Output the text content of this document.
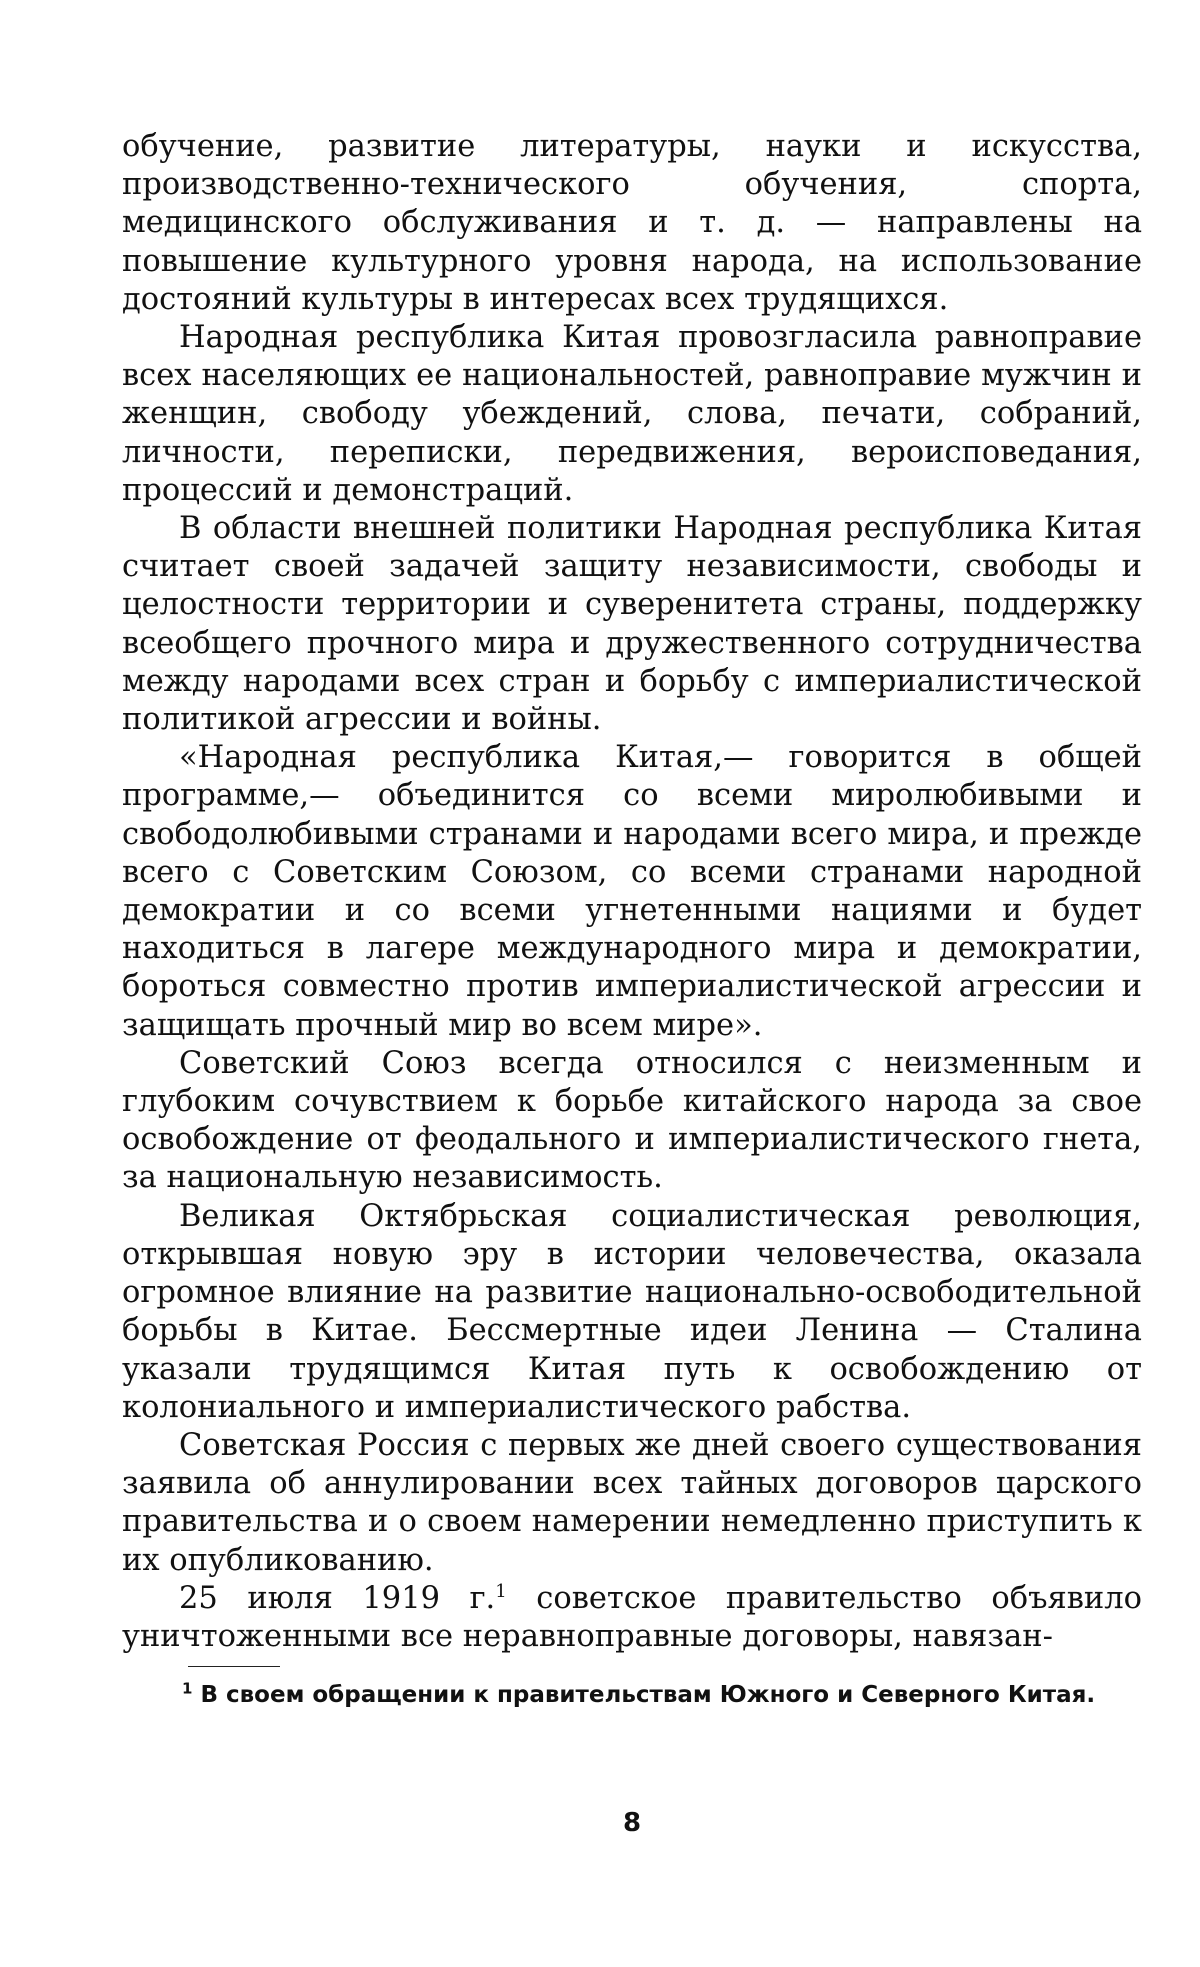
обучение, развитие литературы, науки и искусства, производственно-технического обучения, спорта, медицинского обслуживания и т. д. — направлены на повышение культурного уровня народа, на использование достояний культуры в интересах всех трудящихся.

Народная республика Китая провозгласила равноправие всех населяющих ее национальностей, равноправие мужчин и женщин, свободу убеждений, слова, печати, собраний, личности, переписки, передвижения, вероисповедания, процессий и демонстраций.

В области внешней политики Народная республика Китая считает своей задачей защиту независимости, свободы и целостности территории и суверенитета страны, поддержку всеобщего прочного мира и дружественного сотрудничества между народами всех стран и борьбу с империалистической политикой агрессии и войны.

«Народная республика Китая,— говорится в общей программе,— объединится со всеми миролюбивыми и свободолюбивыми странами и народами всего мира, и прежде всего с Советским Союзом, со всеми странами народной демократии и со всеми угнетенными нациями и будет находиться в лагере международного мира и демократии, бороться совместно против империалистической агрессии и защищать прочный мир во всем мире».

Советский Союз всегда относился с неизменным и глубоким сочувствием к борьбе китайского народа за свое освобождение от феодального и империалистического гнета, за национальную независимость.

Великая Октябрьская социалистическая революция, открывшая новую эру в истории человечества, оказала огромное влияние на развитие национально-освободительной борьбы в Китае. Бессмертные идеи Ленина — Сталина указали трудящимся Китая путь к освобождению от колониального и империалистического рабства.

Советская Россия с первых же дней своего существования заявила об аннулировании всех тайных договоров царского правительства и о своем намерении немедленно приступить к их опубликованию.

25 июля 1919 г.$^1$ советское правительство объявило уничтоженными все неравноправные договоры, навязан-

$^1$ В своем обращении к правительствам Южного и Северного Китая.
8
